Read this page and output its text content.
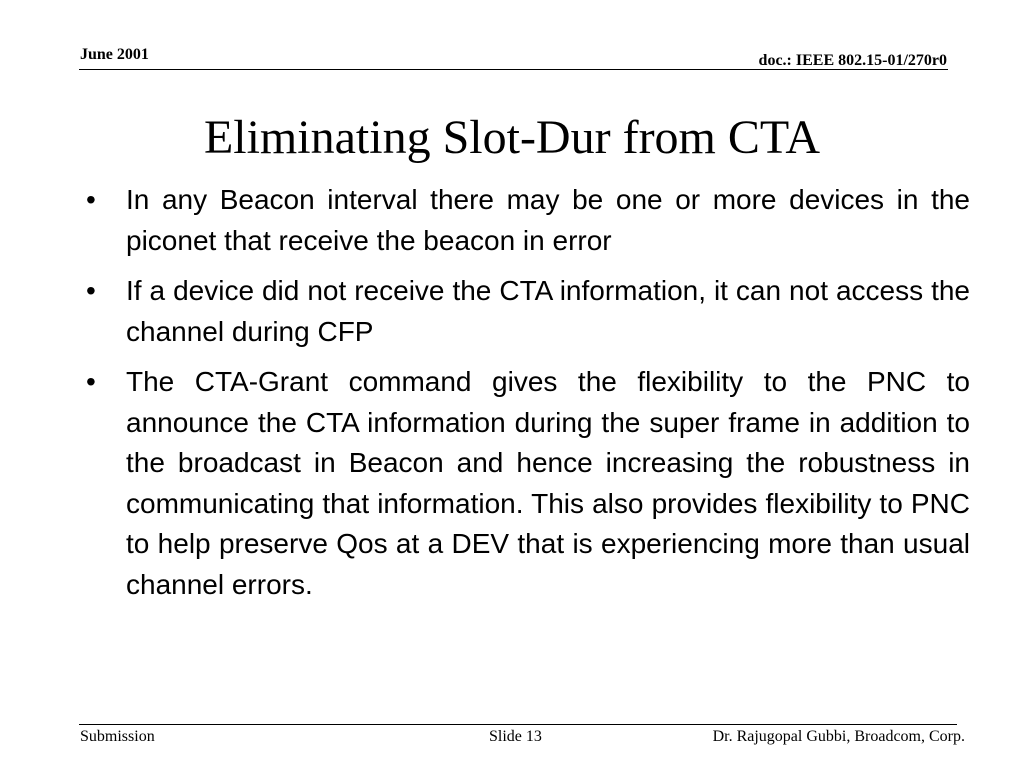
June 2001	doc.: IEEE 802.15-01/270r0
Eliminating Slot-Dur from CTA
• In any Beacon interval there may be one or more devices in the piconet that receive the beacon in error
• If a device did not receive the CTA information, it can not access the channel during CFP
• The CTA-Grant command gives the flexibility to the PNC to announce the CTA information during the super frame in addition to the broadcast in Beacon and hence increasing the robustness in communicating that information. This also provides flexibility to PNC to help preserve Qos at a DEV that is experiencing more than usual channel errors.
Submission	Slide 13	Dr. Rajugopal Gubbi, Broadcom, Corp.
